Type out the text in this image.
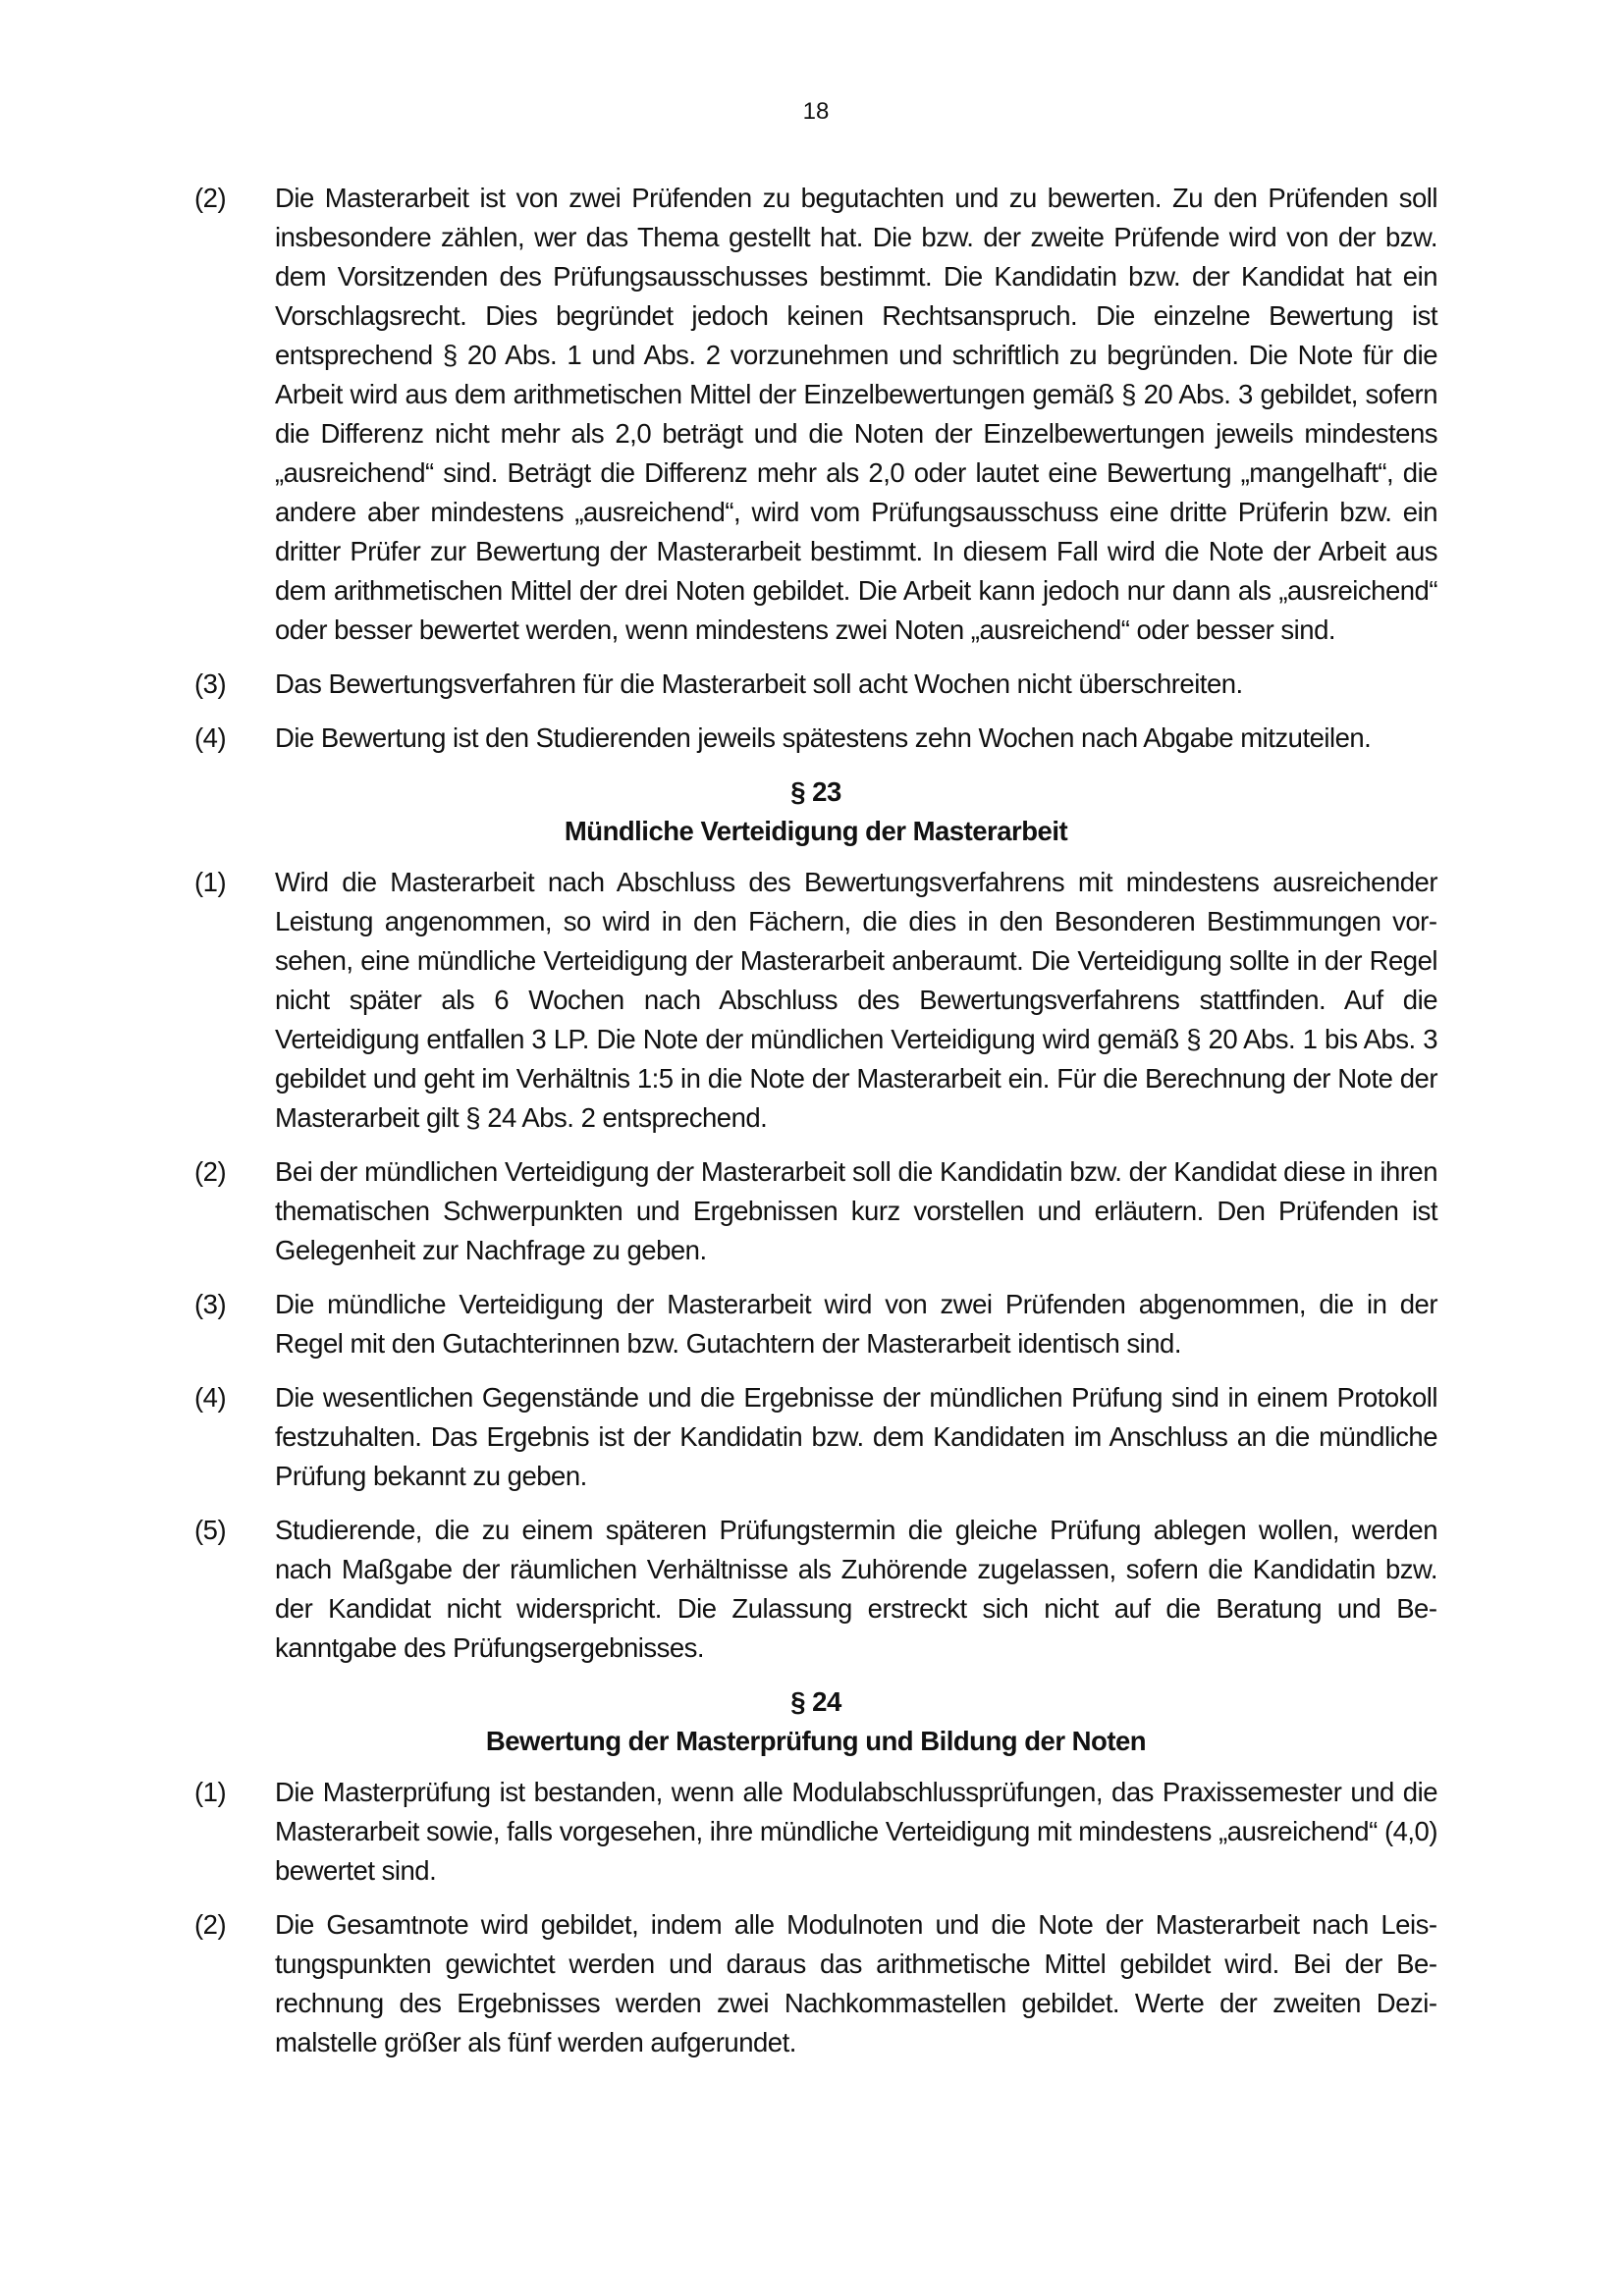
18
(2)	Die Masterarbeit ist von zwei Prüfenden zu begutachten und zu bewerten. Zu den Prüfenden soll insbesondere zählen, wer das Thema gestellt hat. Die bzw. der zweite Prüfende wird von der bzw. dem Vorsitzenden des Prüfungsausschusses bestimmt. Die Kandidatin bzw. der Kandidat hat ein Vorschlagsrecht. Dies begründet jedoch keinen Rechtsanspruch. Die einzelne Bewertung ist entsprechend § 20 Abs. 1 und Abs. 2 vorzunehmen und schriftlich zu begründen. Die Note für die Arbeit wird aus dem arithmetischen Mittel der Einzelbewertungen gemäß § 20 Abs. 3 gebildet, sofern die Differenz nicht mehr als 2,0 beträgt und die Noten der Einzelbewertungen jeweils mindestens „ausreichend“ sind. Beträgt die Differenz mehr als 2,0 oder lautet eine Bewertung „mangelhaft“, die andere aber mindestens „ausreichend“, wird vom Prüfungsausschuss eine dritte Prüferin bzw. ein dritter Prüfer zur Bewertung der Masterarbeit bestimmt. In diesem Fall wird die Note der Arbeit aus dem arithmetischen Mittel der drei Noten gebildet. Die Arbeit kann jedoch nur dann als „ausreichend“ oder besser bewertet werden, wenn mindestens zwei Noten „ausreichend“ oder besser sind.
(3)	Das Bewertungsverfahren für die Masterarbeit soll acht Wochen nicht überschreiten.
(4)	Die Bewertung ist den Studierenden jeweils spätestens zehn Wochen nach Abgabe mitzuteilen.
§ 23
Mündliche Verteidigung der Masterarbeit
(1)	Wird die Masterarbeit nach Abschluss des Bewertungsverfahrens mit mindestens ausreichender Leistung angenommen, so wird in den Fächern, die dies in den Besonderen Bestimmungen vorsehen, eine mündliche Verteidigung der Masterarbeit anberaumt. Die Verteidigung sollte in der Regel nicht später als 6 Wochen nach Abschluss des Bewertungsverfahrens stattfinden. Auf die Verteidigung entfallen 3 LP. Die Note der mündlichen Verteidigung wird gemäß § 20 Abs. 1 bis Abs. 3 gebildet und geht im Verhältnis 1:5 in die Note der Masterarbeit ein. Für die Berechnung der Note der Masterarbeit gilt § 24 Abs. 2 entsprechend.
(2)	Bei der mündlichen Verteidigung der Masterarbeit soll die Kandidatin bzw. der Kandidat diese in ihren thematischen Schwerpunkten und Ergebnissen kurz vorstellen und erläutern. Den Prüfenden ist Gelegenheit zur Nachfrage zu geben.
(3)	Die mündliche Verteidigung der Masterarbeit wird von zwei Prüfenden abgenommen, die in der Regel mit den Gutachterinnen bzw. Gutachtern der Masterarbeit identisch sind.
(4)	Die wesentlichen Gegenstände und die Ergebnisse der mündlichen Prüfung sind in einem Protokoll festzuhalten. Das Ergebnis ist der Kandidatin bzw. dem Kandidaten im Anschluss an die mündliche Prüfung bekannt zu geben.
(5)	Studierende, die zu einem späteren Prüfungstermin die gleiche Prüfung ablegen wollen, werden nach Maßgabe der räumlichen Verhältnisse als Zuhörende zugelassen, sofern die Kandidatin bzw. der Kandidat nicht widerspricht. Die Zulassung erstreckt sich nicht auf die Beratung und Bekanntgabe des Prüfungsergebnisses.
§ 24
Bewertung der Masterprüfung und Bildung der Noten
(1)	Die Masterprüfung ist bestanden, wenn alle Modulabschlussprüfungen, das Praxissemester und die Masterarbeit sowie, falls vorgesehen, ihre mündliche Verteidigung mit mindestens „ausreichend“ (4,0) bewertet sind.
(2)	Die Gesamtnote wird gebildet, indem alle Modulnoten und die Note der Masterarbeit nach Leistungspunkten gewichtet werden und daraus das arithmetische Mittel gebildet wird. Bei der Berechnung des Ergebnisses werden zwei Nachkommastellen gebildet. Werte der zweiten Dezimalstelle größer als fünf werden aufgerundet.
